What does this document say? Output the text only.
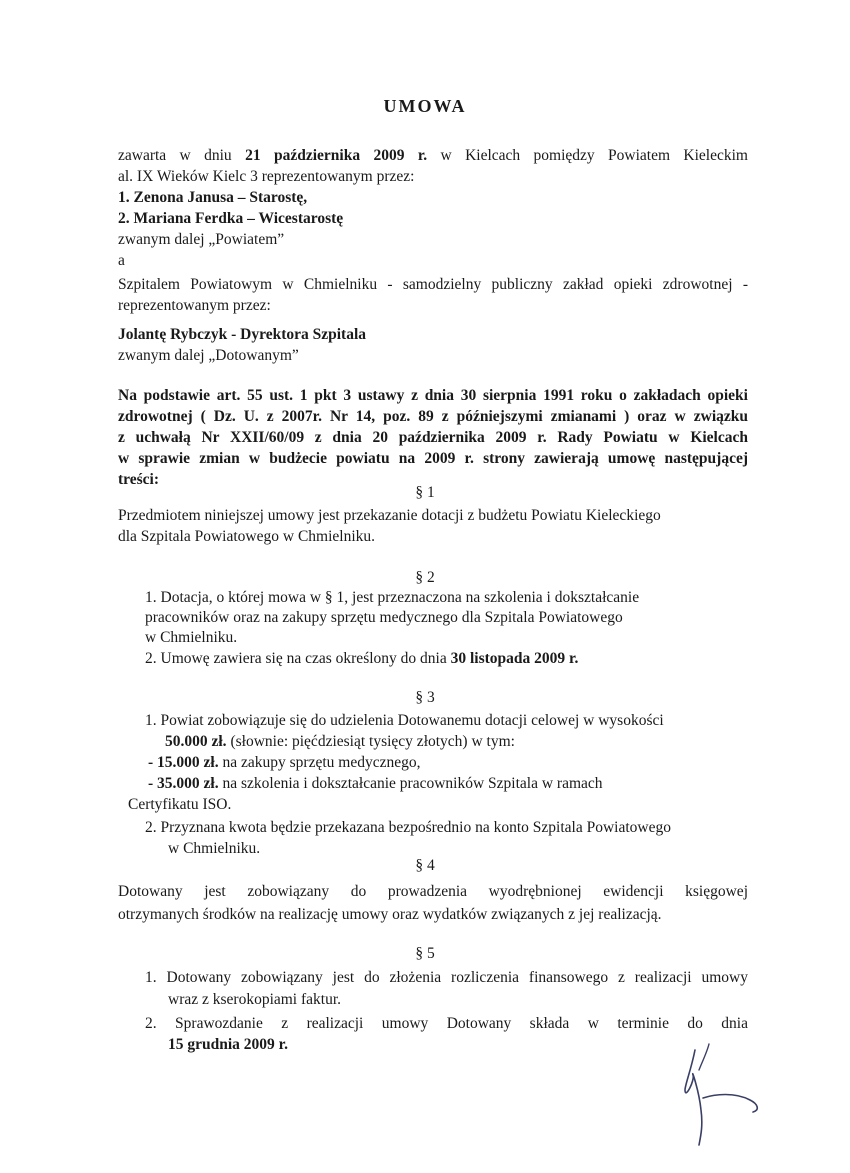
UMOWA
zawarta w dniu 21 października 2009 r. w Kielcach pomiędzy Powiatem Kieleckim
al. IX Wieków Kielc 3 reprezentowanym przez:
1. Zenona Janusa – Starostę,
2. Mariana Ferdka – Wicestarostę
zwanym dalej „Powiatem”
a
Szpitalem Powiatowym w Chmielniku - samodzielny publiczny zakład opieki zdrowotnej -
reprezentowanym przez:
Jolantę Rybczyk - Dyrektora Szpitala
zwanym dalej „Dotowanym”
Na podstawie art. 55 ust. 1 pkt 3 ustawy z dnia 30 sierpnia 1991 roku o zakładach opieki
zdrowotnej ( Dz. U. z 2007r. Nr 14, poz. 89 z późniejszymi zmianami ) oraz w związku
z uchwałą Nr XXII/60/09 z dnia 20 października 2009 r. Rady Powiatu w Kielcach
w sprawie zmian w budżecie powiatu na 2009 r. strony zawierają umowę następującej
treści:
§ 1
Przedmiotem niniejszej umowy jest przekazanie dotacji z budżetu Powiatu Kieleckiego
dla Szpitala Powiatowego w Chmielniku.
§ 2
1. Dotacja, o której mowa w § 1, jest przeznaczona na szkolenia i dokształcanie
pracowników oraz na zakupy sprzętu medycznego dla Szpitala Powiatowego
w Chmielniku.
2. Umowę zawiera się na czas określony do dnia 30 listopada 2009 r.
§ 3
1. Powiat zobowiązuje się do udzielenia Dotowanemu dotacji celowej w wysokości
50.000 zł. (słownie: pięćdziesiąt tysięcy złotych) w tym:
- 15.000 zł. na zakupy sprzętu medycznego,
- 35.000 zł. na szkolenia i dokształcanie pracowników Szpitala w ramach
Certyfikatu ISO.
2. Przyznana kwota będzie przekazana bezpośrednio na konto Szpitala Powiatowego
w Chmielniku.
§ 4
Dotowany jest zobowiązany do prowadzenia wyodrębnionej ewidencji księgowej
otrzymanych środków na realizację umowy oraz wydatków związanych z jej realizacją.
§ 5
1. Dotowany zobowiązany jest do złożenia rozliczenia finansowego z realizacji umowy
wraz z kserokopiami faktur.
2. Sprawozdanie z realizacji umowy Dotowany składa w terminie do dnia
15 grudnia 2009 r.
